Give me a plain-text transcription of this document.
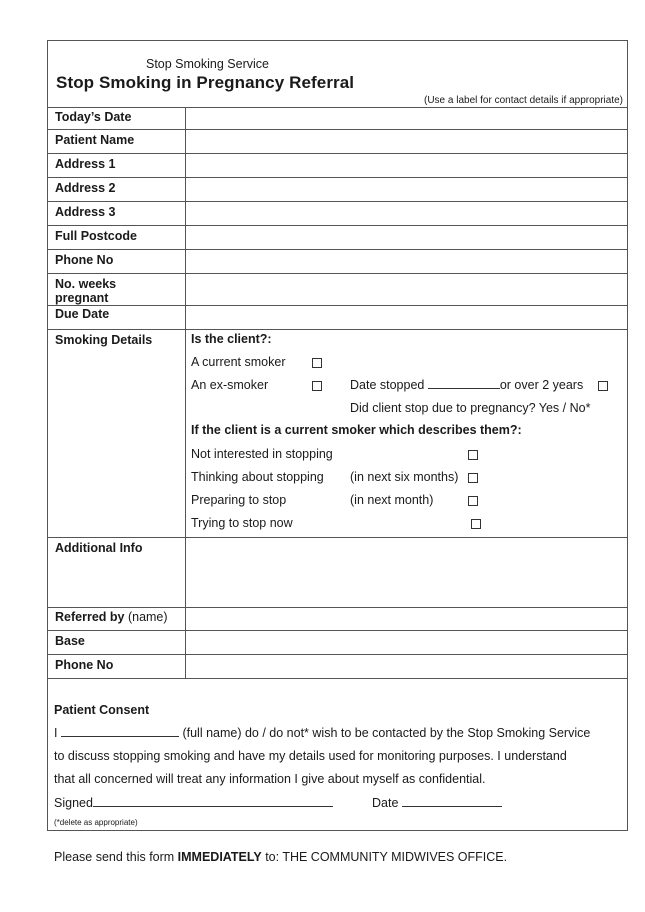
Stop Smoking Service
Stop Smoking in Pregnancy Referral
(Use a label for contact details if appropriate)
Today’s Date
Patient Name
Address 1
Address 2
Address 3
Full Postcode
Phone No
No. weeks pregnant
Due Date
Smoking Details	Is the client?:
A current smoker
An ex-smoker	Date stopped	or over 2 years
Did client stop due to pregnancy? Yes / No*
If the client is a current smoker which describes them?:
Not interested in stopping
Thinking about stopping (in next six months)
Preparing to stop	(in next month)
Trying to stop now
Additional Info
Referred by (name)
Base
Phone No
Patient Consent
I	(full name) do / do not* wish to be contacted by the Stop Smoking Service
to discuss stopping smoking and have my details used for monitoring purposes. I understand
that all concerned will treat any information I give about myself as confidential.
Signed	Date
(*delete as appropriate)
Please send this form IMMEDIATELY to: THE COMMUNITY MIDWIVES OFFICE.
